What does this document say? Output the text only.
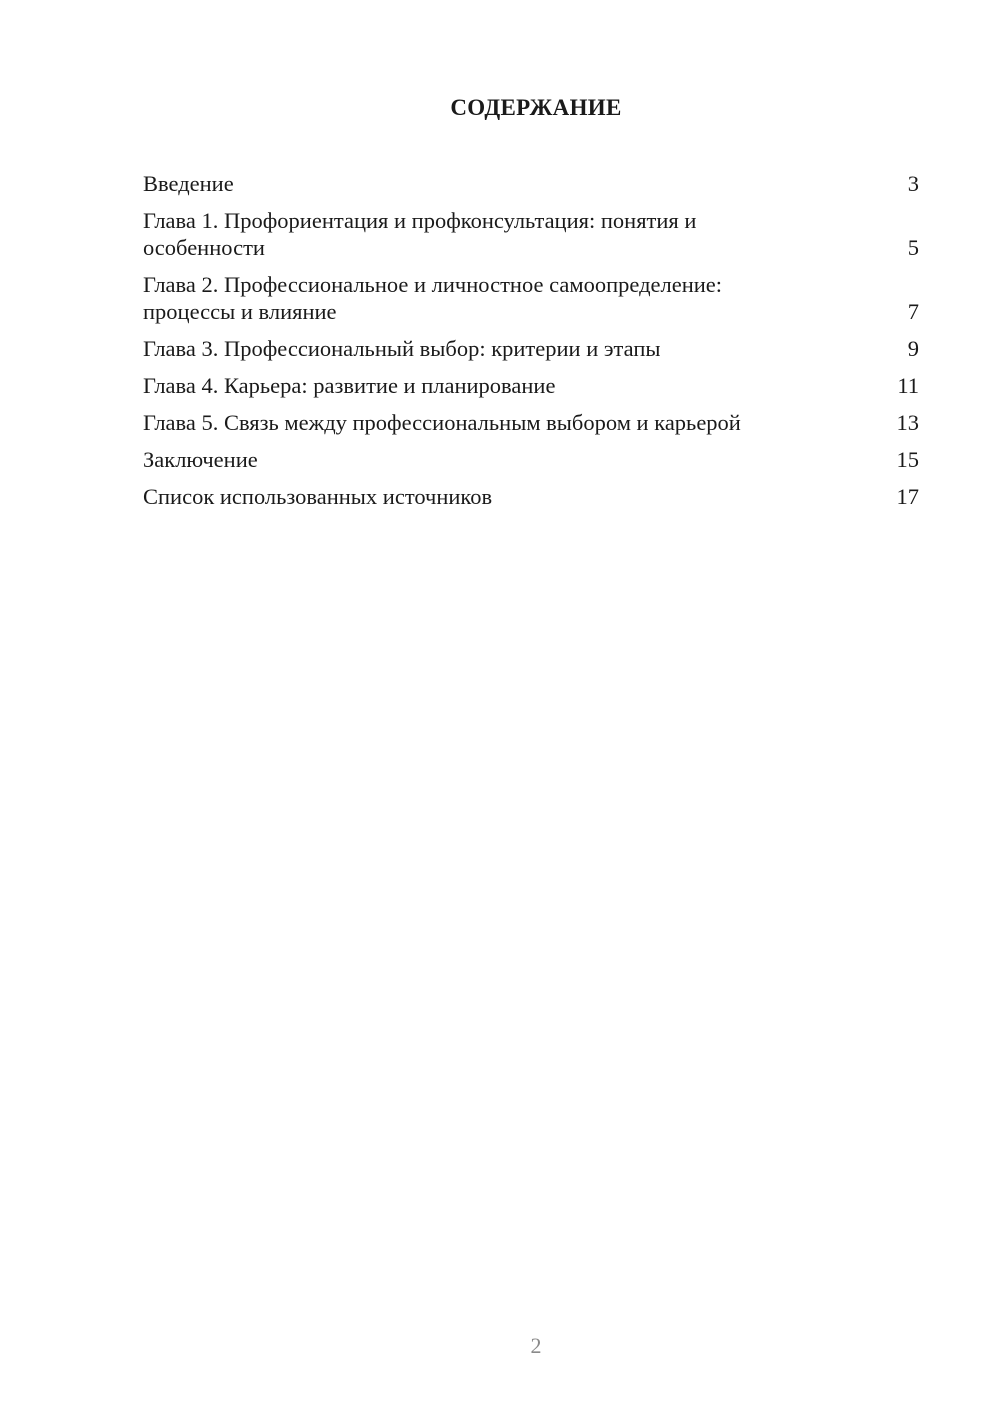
СОДЕРЖАНИЕ
Введение	3
Глава 1. Профориентация и профконсультация: понятия и особенности	5
Глава 2. Профессиональное и личностное самоопределение: процессы и влияние	7
Глава 3. Профессиональный выбор: критерии и этапы	9
Глава 4. Карьера: развитие и планирование	11
Глава 5. Связь между профессиональным выбором и карьерой	13
Заключение	15
Список использованных источников	17
2
